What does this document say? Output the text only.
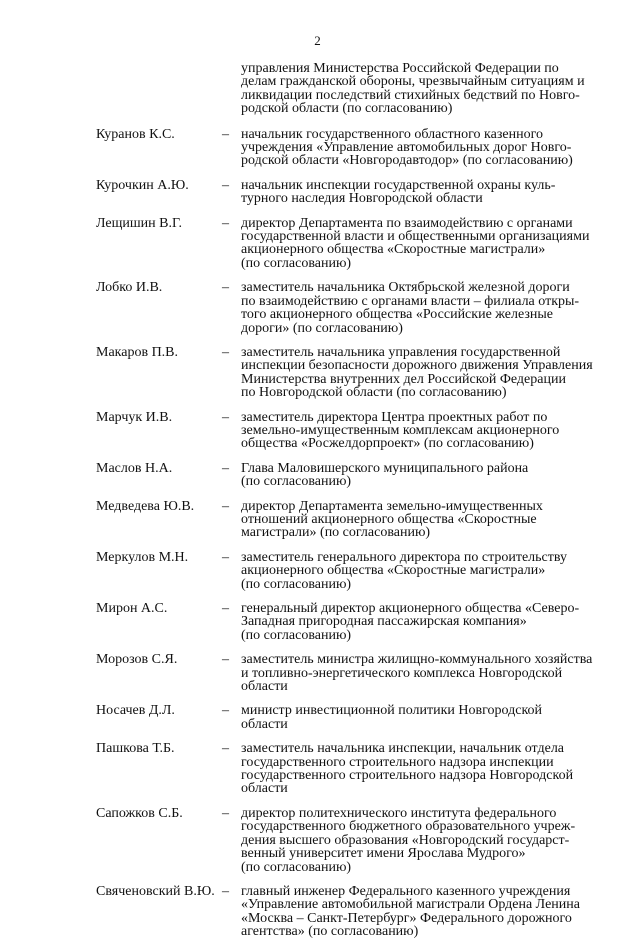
2
управления Министерства Российской Федерации по
делам гражданской обороны, чрезвычайным ситуациям и
ликвидации последствий стихийных бедствий по Новго-
родской области (по согласованию)
Куранов К.С.	– начальник государственного областного казенного
учреждения «Управление автомобильных дорог Новго-
родской области «Новгородавтодор» (по согласованию)
Курочкин А.Ю. – начальник инспекции государственной охраны куль-
турного наследия Новгородской области
Лещишин В.Г.	– директор Департамента по взаимодействию с органами
государственной власти и общественными организациями
акционерного общества «Скоростные магистрали»
(по согласованию)
Лобко И.В.	– заместитель начальника Октябрьской железной дороги
по взаимодействию с органами власти – филиала откры-
того акционерного общества «Российские железные
дороги» (по согласованию)
Макаров П.В.	– заместитель начальника управления государственной
инспекции безопасности дорожного движения Управления
Министерства внутренних дел Российской Федерации
по Новгородской области (по согласованию)
Марчук И.В.	– заместитель директора Центра проектных работ по
земельно-имущественным комплексам акционерного
общества «Росжелдорпроект» (по согласованию)
Маслов Н.А.	– Глава Маловишерского муниципального района
(по согласованию)
Медведева Ю.В. – директор Департамента земельно-имущественных
отношений акционерного общества «Скоростные
магистрали» (по согласованию)
Меркулов М.Н. – заместитель генерального директора по строительству
акционерного общества «Скоростные магистрали»
(по согласованию)
Мирон А.С.	– генеральный директор акционерного общества «Северо-
Западная пригородная пассажирская компания»
(по согласованию)
Морозов С.Я.	– заместитель министра жилищно-коммунального хозяйства
и топливно-энергетического комплекса Новгородской
области
Носачев Д.Л.	– министр инвестиционной политики Новгородской
области
Пашкова Т.Б.	– заместитель начальника инспекции, начальник отдела
государственного строительного надзора инспекции
государственного строительного надзора Новгородской
области
Сапожков С.Б.	– директор политехнического института федерального
государственного бюджетного образовательного учреж-
дения высшего образования «Новгородский государст-
венный университет имени Ярослава Мудрого»
(по согласованию)
Свяченовский В.Ю. – главный инженер Федерального казенного учреждения
«Управление автомобильной магистрали Ордена Ленина
«Москва – Санкт-Петербург» Федерального дорожного
агентства» (по согласованию)
